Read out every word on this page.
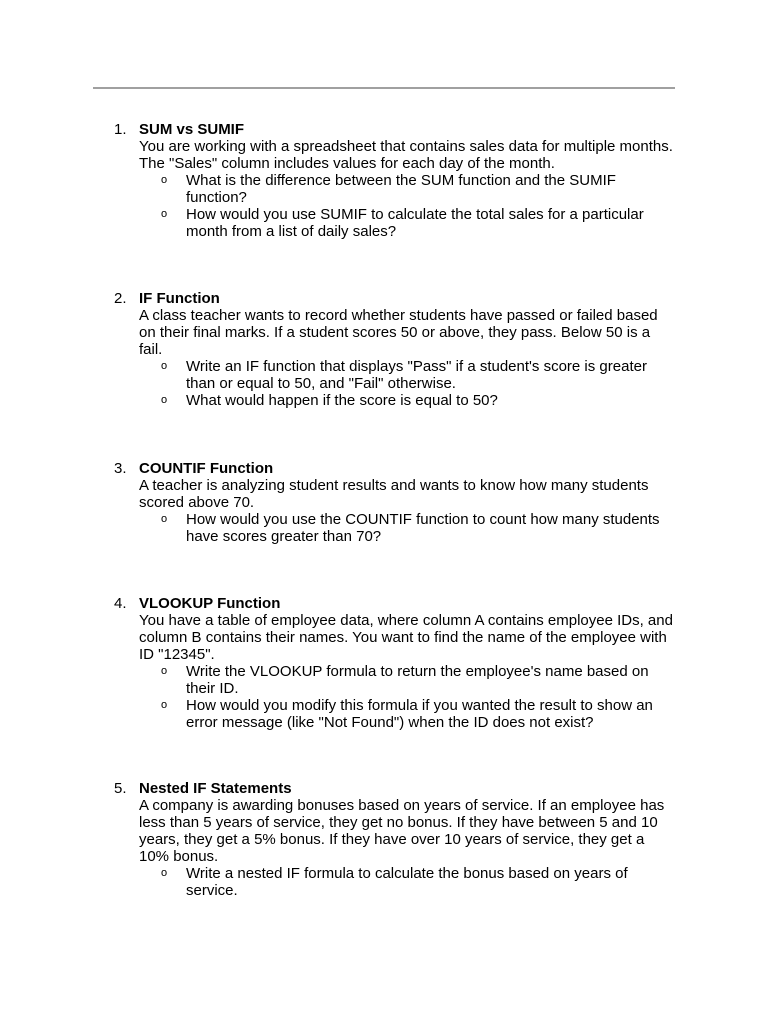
1. SUM vs SUMIF
You are working with a spreadsheet that contains sales data for multiple months. The "Sales" column includes values for each day of the month.
o What is the difference between the SUM function and the SUMIF function?
o How would you use SUMIF to calculate the total sales for a particular month from a list of daily sales?
2. IF Function
A class teacher wants to record whether students have passed or failed based on their final marks. If a student scores 50 or above, they pass. Below 50 is a fail.
o Write an IF function that displays "Pass" if a student's score is greater than or equal to 50, and "Fail" otherwise.
o What would happen if the score is equal to 50?
3. COUNTIF Function
A teacher is analyzing student results and wants to know how many students scored above 70.
o How would you use the COUNTIF function to count how many students have scores greater than 70?
4. VLOOKUP Function
You have a table of employee data, where column A contains employee IDs, and column B contains their names. You want to find the name of the employee with ID "12345".
o Write the VLOOKUP formula to return the employee's name based on their ID.
o How would you modify this formula if you wanted the result to show an error message (like "Not Found") when the ID does not exist?
5. Nested IF Statements
A company is awarding bonuses based on years of service. If an employee has less than 5 years of service, they get no bonus. If they have between 5 and 10 years, they get a 5% bonus. If they have over 10 years of service, they get a 10% bonus.
o Write a nested IF formula to calculate the bonus based on years of service.
